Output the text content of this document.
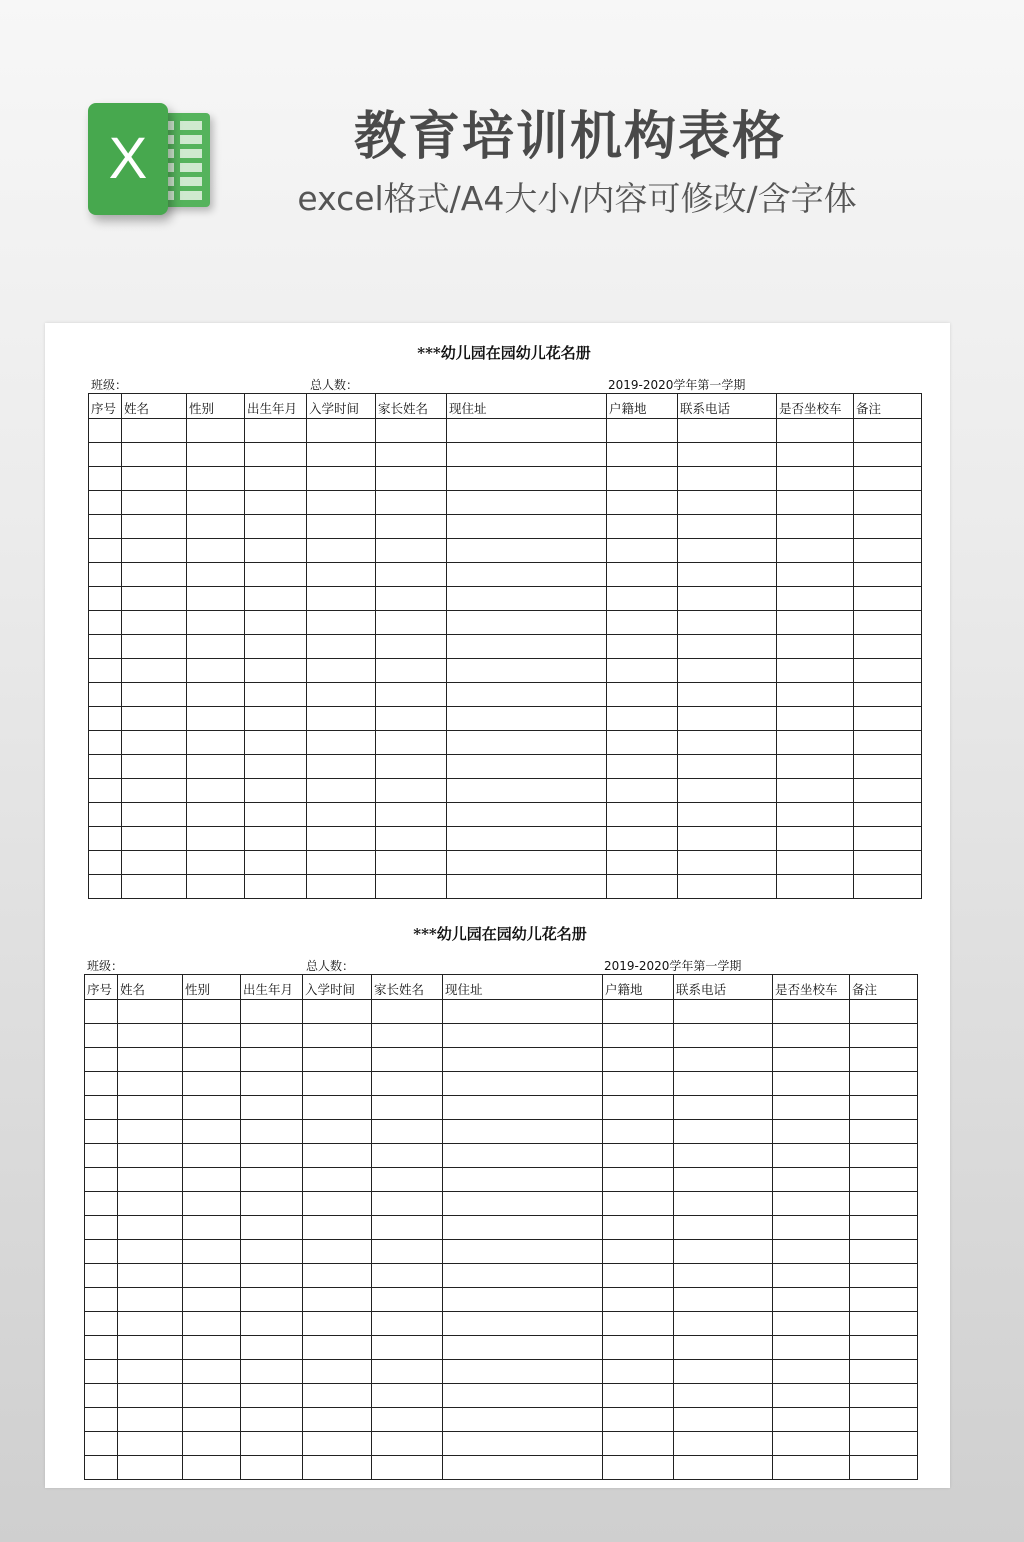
X	教育培训机构表格
excel格式/A4大小/内容可修改/含字体
***幼儿园在园幼儿花名册
班级：	总人数：	2019-2020学年第一学期
序号	姓名	性别	出生年月	入学时间	家长姓名	现住址	户籍地	联系电话	是否坐校车	备注

***幼儿园在园幼儿花名册
班级：	总人数：	2019-2020学年第一学期
序号	姓名	性别	出生年月	入学时间	家长姓名	现住址	户籍地	联系电话	是否坐校车	备注
